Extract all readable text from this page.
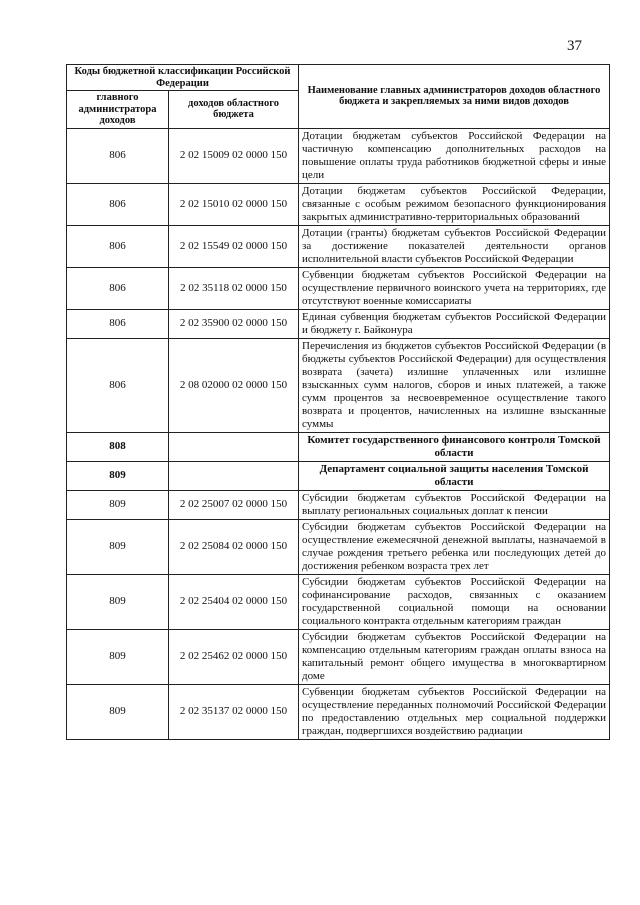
37
Коды бюджетной классификации Российской Федерации		Наименование главных администраторов доходов областного бюджета и закрепляемых за ними видов доходов
главного администратора доходов	доходов областного бюджета	
806	2 02 15009 02 0000 150	Дотации бюджетам субъектов Российской Федерации на частичную компенсацию дополнительных расходов на повышение оплаты труда работников бюджетной сферы и иные цели
806	2 02 15010 02 0000 150	Дотации бюджетам субъектов Российской Федерации, связанные с особым режимом безопасного функционирования закрытых административно-территориальных образований
806	2 02 15549 02 0000 150	Дотации (гранты) бюджетам субъектов Российской Федерации за достижение показателей деятельности органов исполнительной власти субъектов Российской Федерации
806	2 02 35118 02 0000 150	Субвенции бюджетам субъектов Российской Федерации на осуществление первичного воинского учета на территориях, где отсутствуют военные комиссариаты
806	2 02 35900 02 0000 150	Единая субвенция бюджетам субъектов Российской Федерации и бюджету г. Байконура
806	2 08 02000 02 0000 150	Перечисления из бюджетов субъектов Российской Федерации (в бюджеты субъектов Российской Федерации) для осуществления возврата (зачета) излишне уплаченных или излишне взысканных сумм налогов, сборов и иных платежей, а также сумм процентов за несвоевременное осуществление такого возврата и процентов, начисленных на излишне взысканные суммы
808		Комитет государственного финансового контроля Томской области
809		Департамент социальной защиты населения Томской области
809	2 02 25007 02 0000 150	Субсидии бюджетам субъектов Российской Федерации на выплату региональных социальных доплат к пенсии
809	2 02 25084 02 0000 150	Субсидии бюджетам субъектов Российской Федерации на осуществление ежемесячной денежной выплаты, назначаемой в случае рождения третьего ребенка или последующих детей до достижения ребенком возраста трех лет
809	2 02 25404 02 0000 150	Субсидии бюджетам субъектов Российской Федерации на софинансирование расходов, связанных с оказанием государственной социальной помощи на основании социального контракта отдельным категориям граждан
809	2 02 25462 02 0000 150	Субсидии бюджетам субъектов Российской Федерации на компенсацию отдельным категориям граждан оплаты взноса на капитальный ремонт общего имущества в многоквартирном доме
809	2 02 35137 02 0000 150	Субвенции бюджетам субъектов Российской Федерации на осуществление переданных полномочий Российской Федерации по предоставлению отдельных мер социальной поддержки граждан, подвергшихся воздействию радиации
